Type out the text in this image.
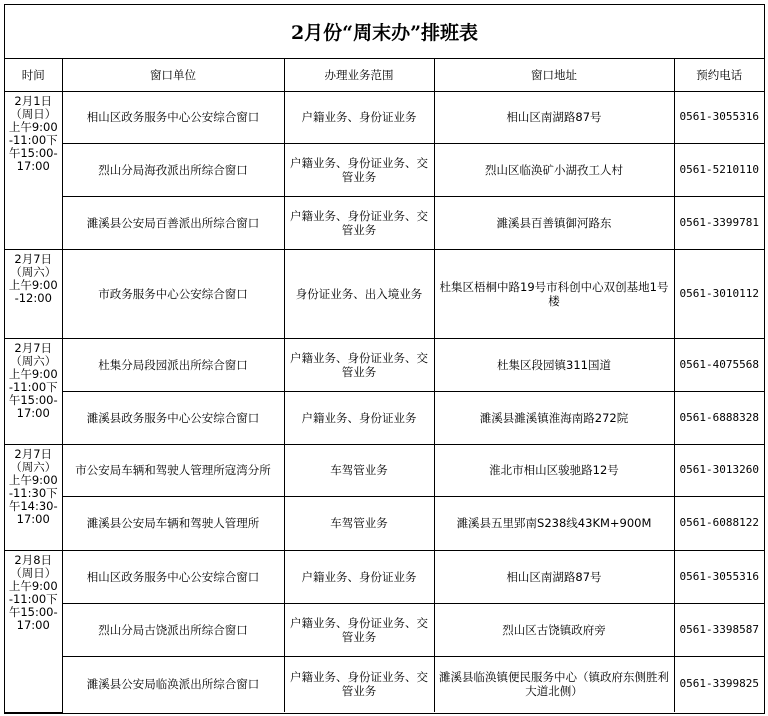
2月份“周末办”排班表
时间	窗口单位	办理业务范围	窗口地址	预约电话

2月1日（周日）上午9:00-11:00下午15:00-17:00	相山区政务服务中心公安综合窗口	户籍业务、身份证业务	相山区南湖路87号	0561-3055316
	烈山分局海孜派出所综合窗口	户籍业务、身份证业务、交管业务	烈山区临涣矿小湖孜工人村	0561-5210110
	濉溪县公安局百善派出所综合窗口	户籍业务、身份证业务、交管业务	濉溪县百善镇御河路东	0561-3399781

2月7日（周六）上午9:00-12:00	市政务服务中心公安综合窗口	身份证业务、出入境业务	杜集区梧桐中路19号市科创中心双创基地1号楼	0561-3010112

2月7日（周六）上午9:00-11:00下午15:00-17:00	杜集分局段园派出所综合窗口	户籍业务、身份证业务、交管业务	杜集区段园镇311国道	0561-4075568
	濉溪县政务服务中心公安综合窗口	户籍业务、身份证业务	濉溪县濉溪镇淮海南路272院	0561-6888328

2月7日（周六）上午9:00-11:30下午14:30-17:00	市公安局车辆和驾驶人管理所寇湾分所	车驾管业务	淮北市相山区骏驰路12号	0561-3013260
	濉溪县公安局车辆和驾驶人管理所	车驾管业务	濉溪县五里郢南S238线43KM+900M	0561-6088122

2月8日（周日）上午9:00-11:00下午15:00-17:00	相山区政务服务中心公安综合窗口	户籍业务、身份证业务	相山区南湖路87号	0561-3055316
	烈山分局古饶派出所综合窗口	户籍业务、身份证业务、交管业务	烈山区古饶镇政府旁	0561-3398587
	濉溪县公安局临涣派出所综合窗口	户籍业务、身份证业务、交管业务	濉溪县临涣镇便民服务中心（镇政府东侧胜利大道北侧）	0561-3399825
